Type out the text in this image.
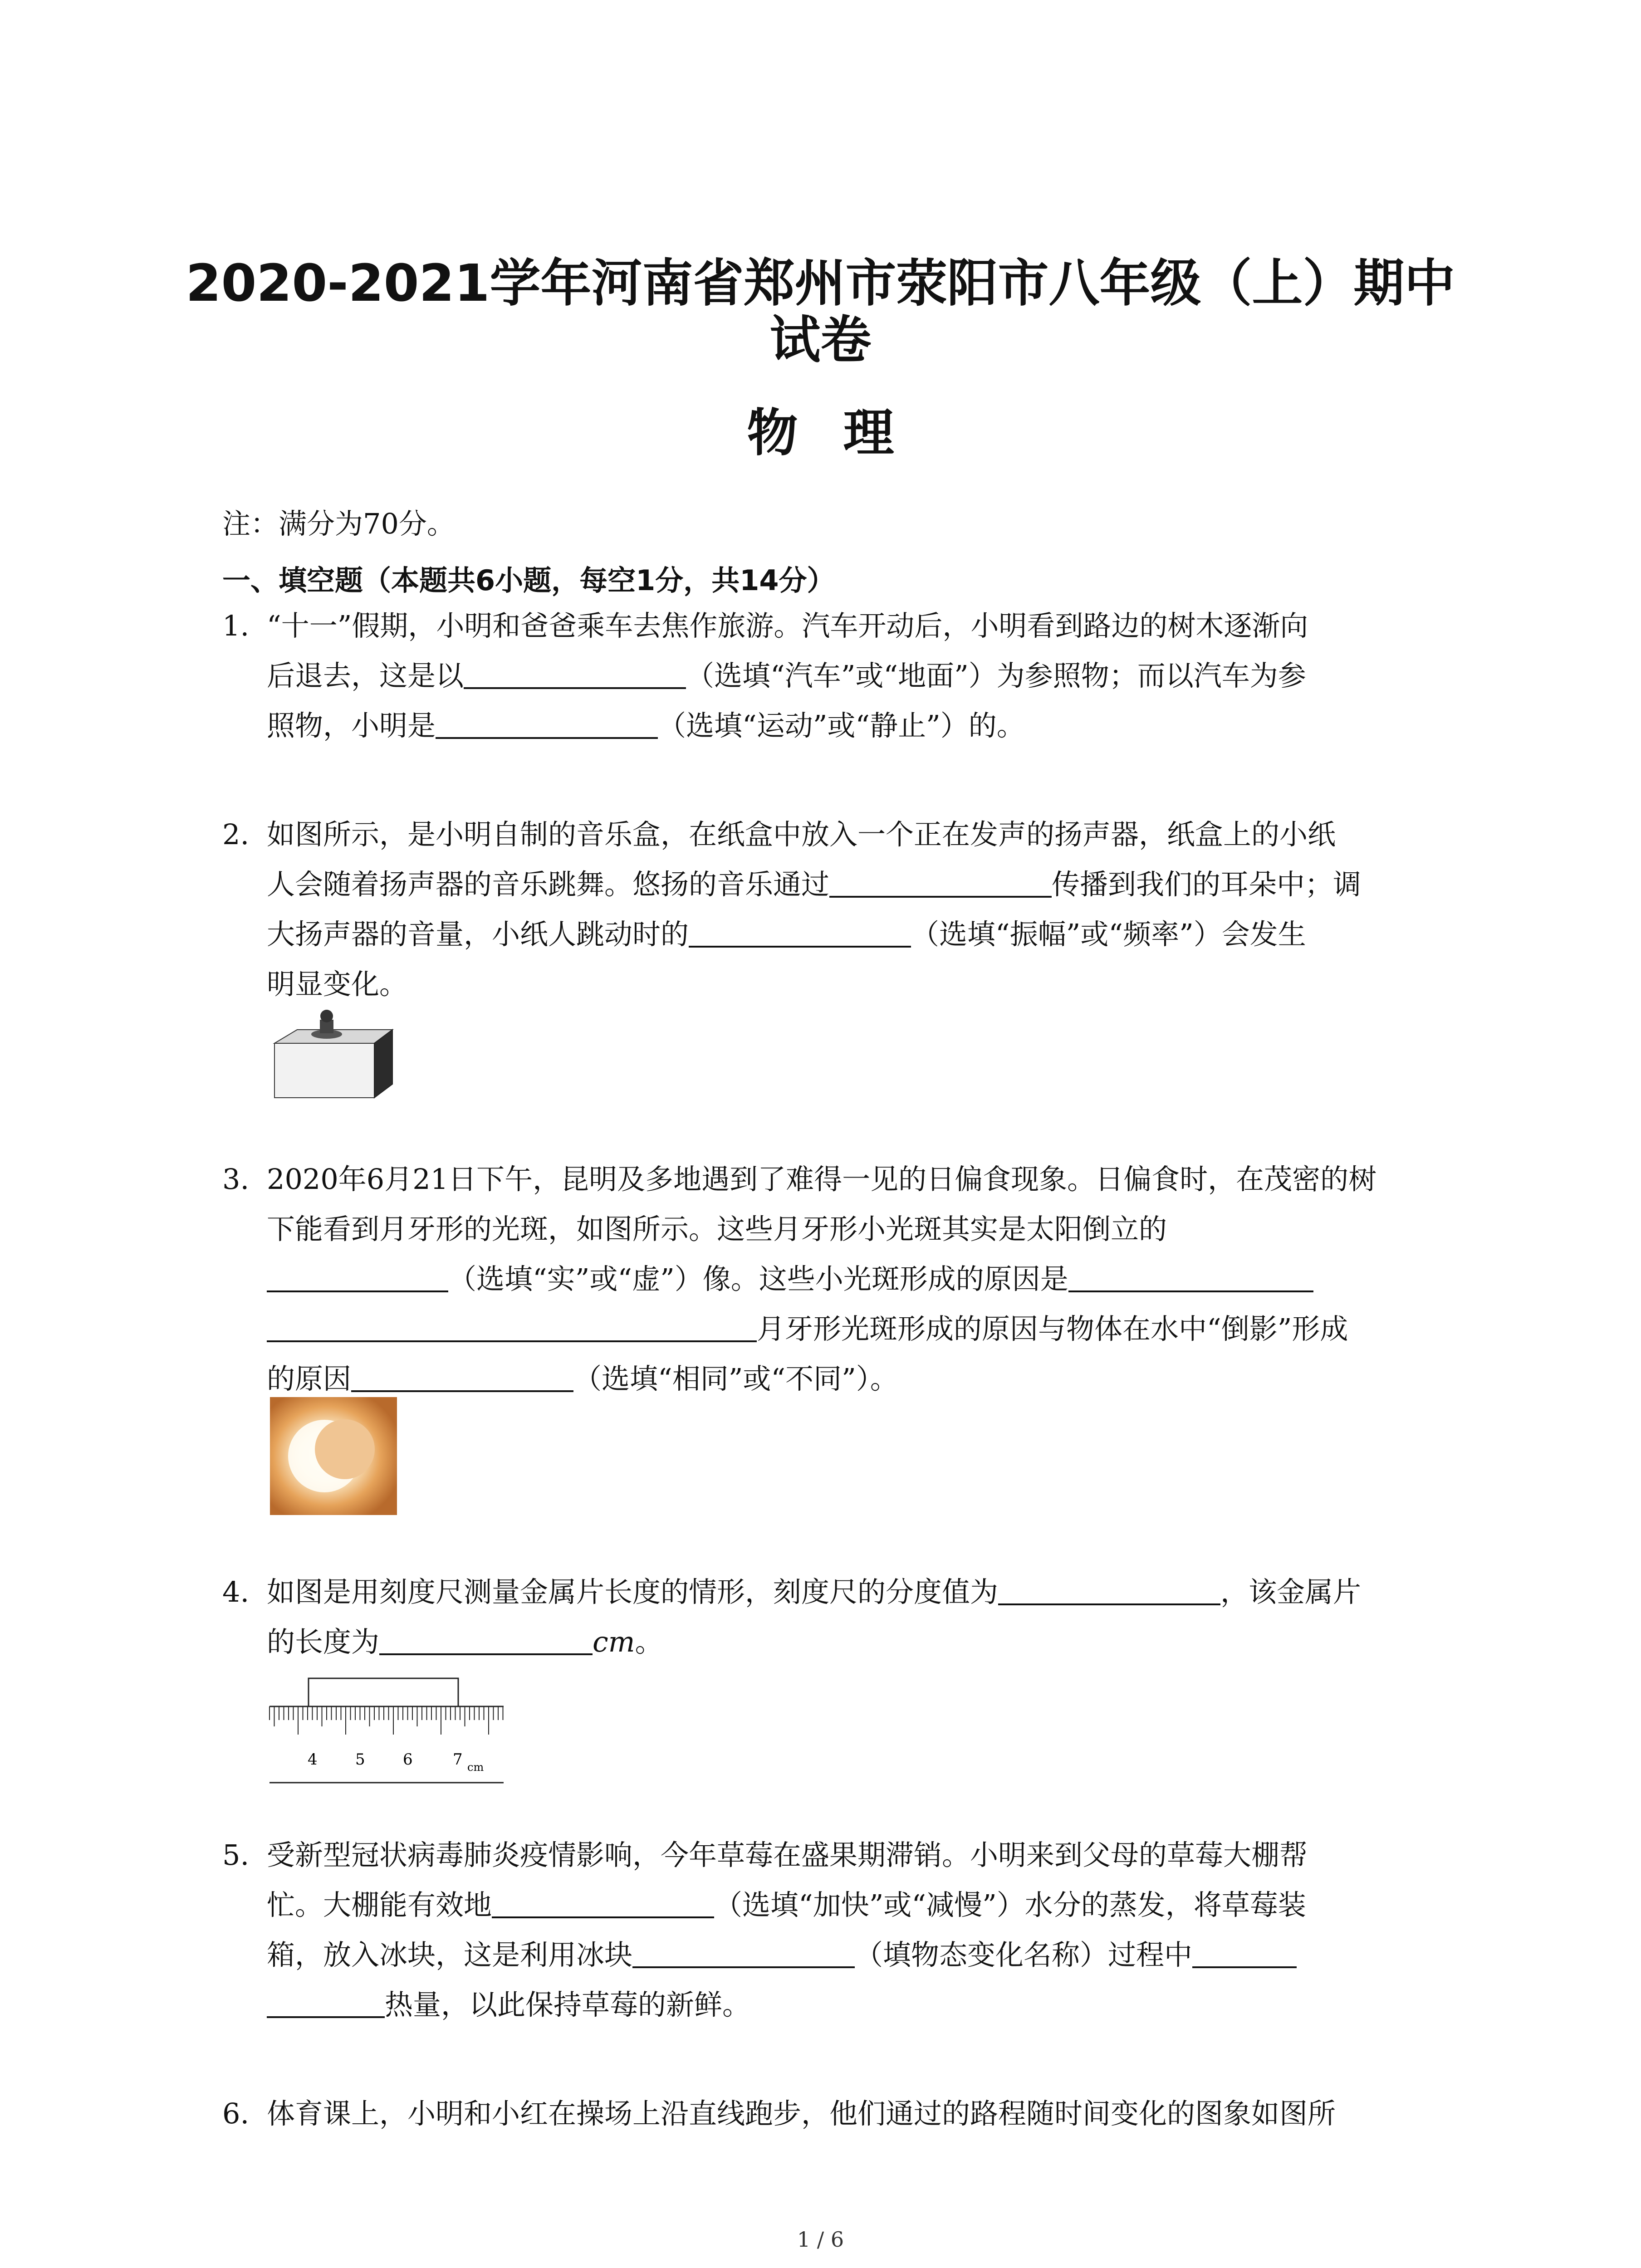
2020-2021学年河南省郑州市荥阳市八年级（上）期中
试卷
物理
注：满分为70分。
一、填空题（本题共6小题，每空1分，共14分）
1. “十一”假期，小明和爸爸乘车去焦作旅游。汽车开动后，小明看到路边的树木逐渐向
后退去，这是以	（选填“汽车”或“地面”）为参照物；而以汽车为参
照物，小明是	（选填“运动”或“静止”）的。
2. 如图所示，是小明自制的音乐盒，在纸盒中放入一个正在发声的扬声器，纸盒上的小纸
人会随着扬声器的音乐跳舞。悠扬的音乐通过	传播到我们的耳朵中；调
大扬声器的音量，小纸人跳动时的	（选填“振幅”或“频率”）会发生
明显变化。
3. 2020年6月21日下午，昆明及多地遇到了难得一见的日偏食现象。日偏食时，在茂密的树
下能看到月牙形的光斑，如图所示。这些月牙形小光斑其实是太阳倒立的
（选填“实”或“虚”）像。这些小光斑形成的原因是
月牙形光斑形成的原因与物体在水中“倒影”形成
的原因	（选填“相同”或“不同”）。
4. 如图是用刻度尺测量金属片长度的情形，刻度尺的分度值为	，该金属片
的长度为	cm。
4 5 6	7 cm
5. 受新型冠状病毒肺炎疫情影响，今年草莓在盛果期滞销。小明来到父母的草莓大棚帮
忙。大棚能有效地	（选填“加快”或“减慢”）水分的蒸发，将草莓装
箱，放入冰块，这是利用冰块	（填物态变化名称）过程中
热量，以此保持草莓的新鲜。
6. 体育课上，小明和小红在操场上沿直线跑步，他们通过的路程随时间变化的图象如图所
1 / 6
